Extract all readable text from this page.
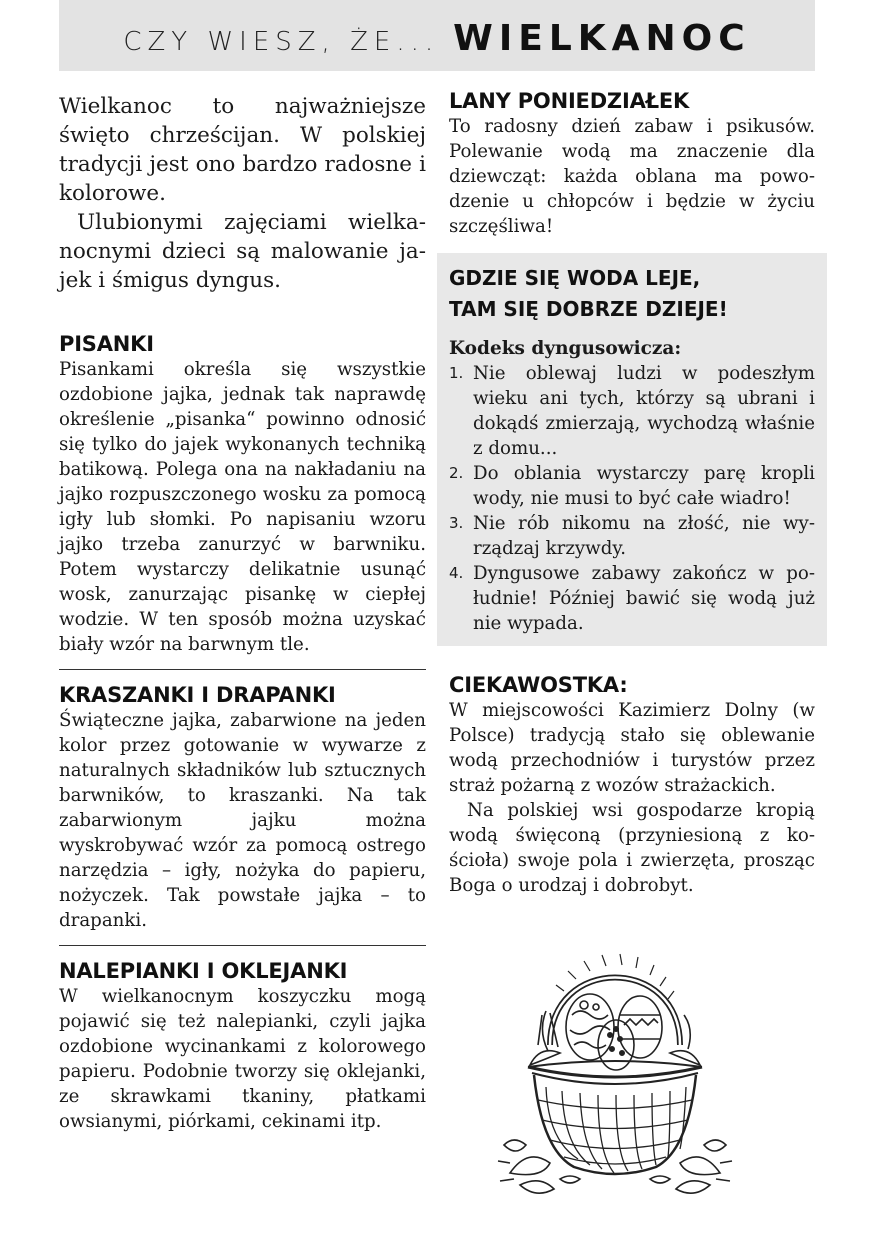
CZY WIESZ, ŻE... WIELKANOC

Wielkanoc to najważniejsze święto chrześcijan. W polskiej tradycji jest ono bardzo radosne i kolorowe.

Ulubionymi zajęciami wielkanocnymi dzieci są malowanie jajek i śmigus dyngus.

PISANKI

Pisankami określa się wszystkie ozdobione jajka, jednak tak naprawdę określenie „pisanka“ powinno odnosić się tylko do jajek wykonanych techniką batikową. Polega ona na nakładaniu na jajko rozpuszczonego wosku za pomocą igły lub słomki. Po napisaniu wzoru jajko trzeba zanurzyć w barwniku. Potem wystarczy delikatnie usunąć wosk, zanurzając pisankę w ciepłej wodzie. W ten sposób można uzyskać biały wzór na barwnym tle.

KRASZANKI I DRAPANKI

Świąteczne jajka, zabarwione na jeden kolor przez gotowanie w wywarze z naturalnych składników lub sztucznych barwników, to kraszanki. Na tak zabarwionym jajku można wyskrobywać wzór za pomocą ostrego narzędzia – igły, nożyka do papieru, nożyczek. Tak powstałe jajka – to drapanki.

NALEPIANKI I OKLEJANKI

W wielkanocnym koszyczku mogą pojawić się też nalepianki, czyli jajka ozdobione wycinankami z kolorowego papieru. Podobnie tworzy się oklejanki, ze skrawkami tkaniny, płatkami owsianymi, piórkami, cekinami itp.

LANY PONIEDZIAŁEK

To radosny dzień zabaw i psikusów. Polewanie wodą ma znaczenie dla dziewcząt: każda oblana ma powodzenie u chłopców i będzie w życiu szczęśliwa!

GDZIE SIĘ WODA LEJE,
TAM SIĘ DOBRZE DZIEJE!
Kodeks dyngusowicza:
1. Nie oblewaj ludzi w podeszłym wieku ani tych, którzy są ubrani i dokądś zmierzają, wychodzą właśnie z domu...
2. Do oblania wystarczy parę kropli wody, nie musi to być całe wiadro!
3. Nie rób nikomu na złość, nie wyrządzaj krzywdy.
4. Dyngusowe zabawy zakończ w południe! Później bawić się wodą już nie wypada.
CIEKAWOSTKA:

W miejscowości Kazimierz Dolny (w Polsce) tradycją stało się oblewanie wodą przechodniów i turystów przez straż pożarną z wozów strażackich.

Na polskiej wsi gospodarze kropią wodą święconą (przyniesioną z kościoła) swoje pola i zwierzęta, prosząc Boga o urodzaj i dobrobyt.
